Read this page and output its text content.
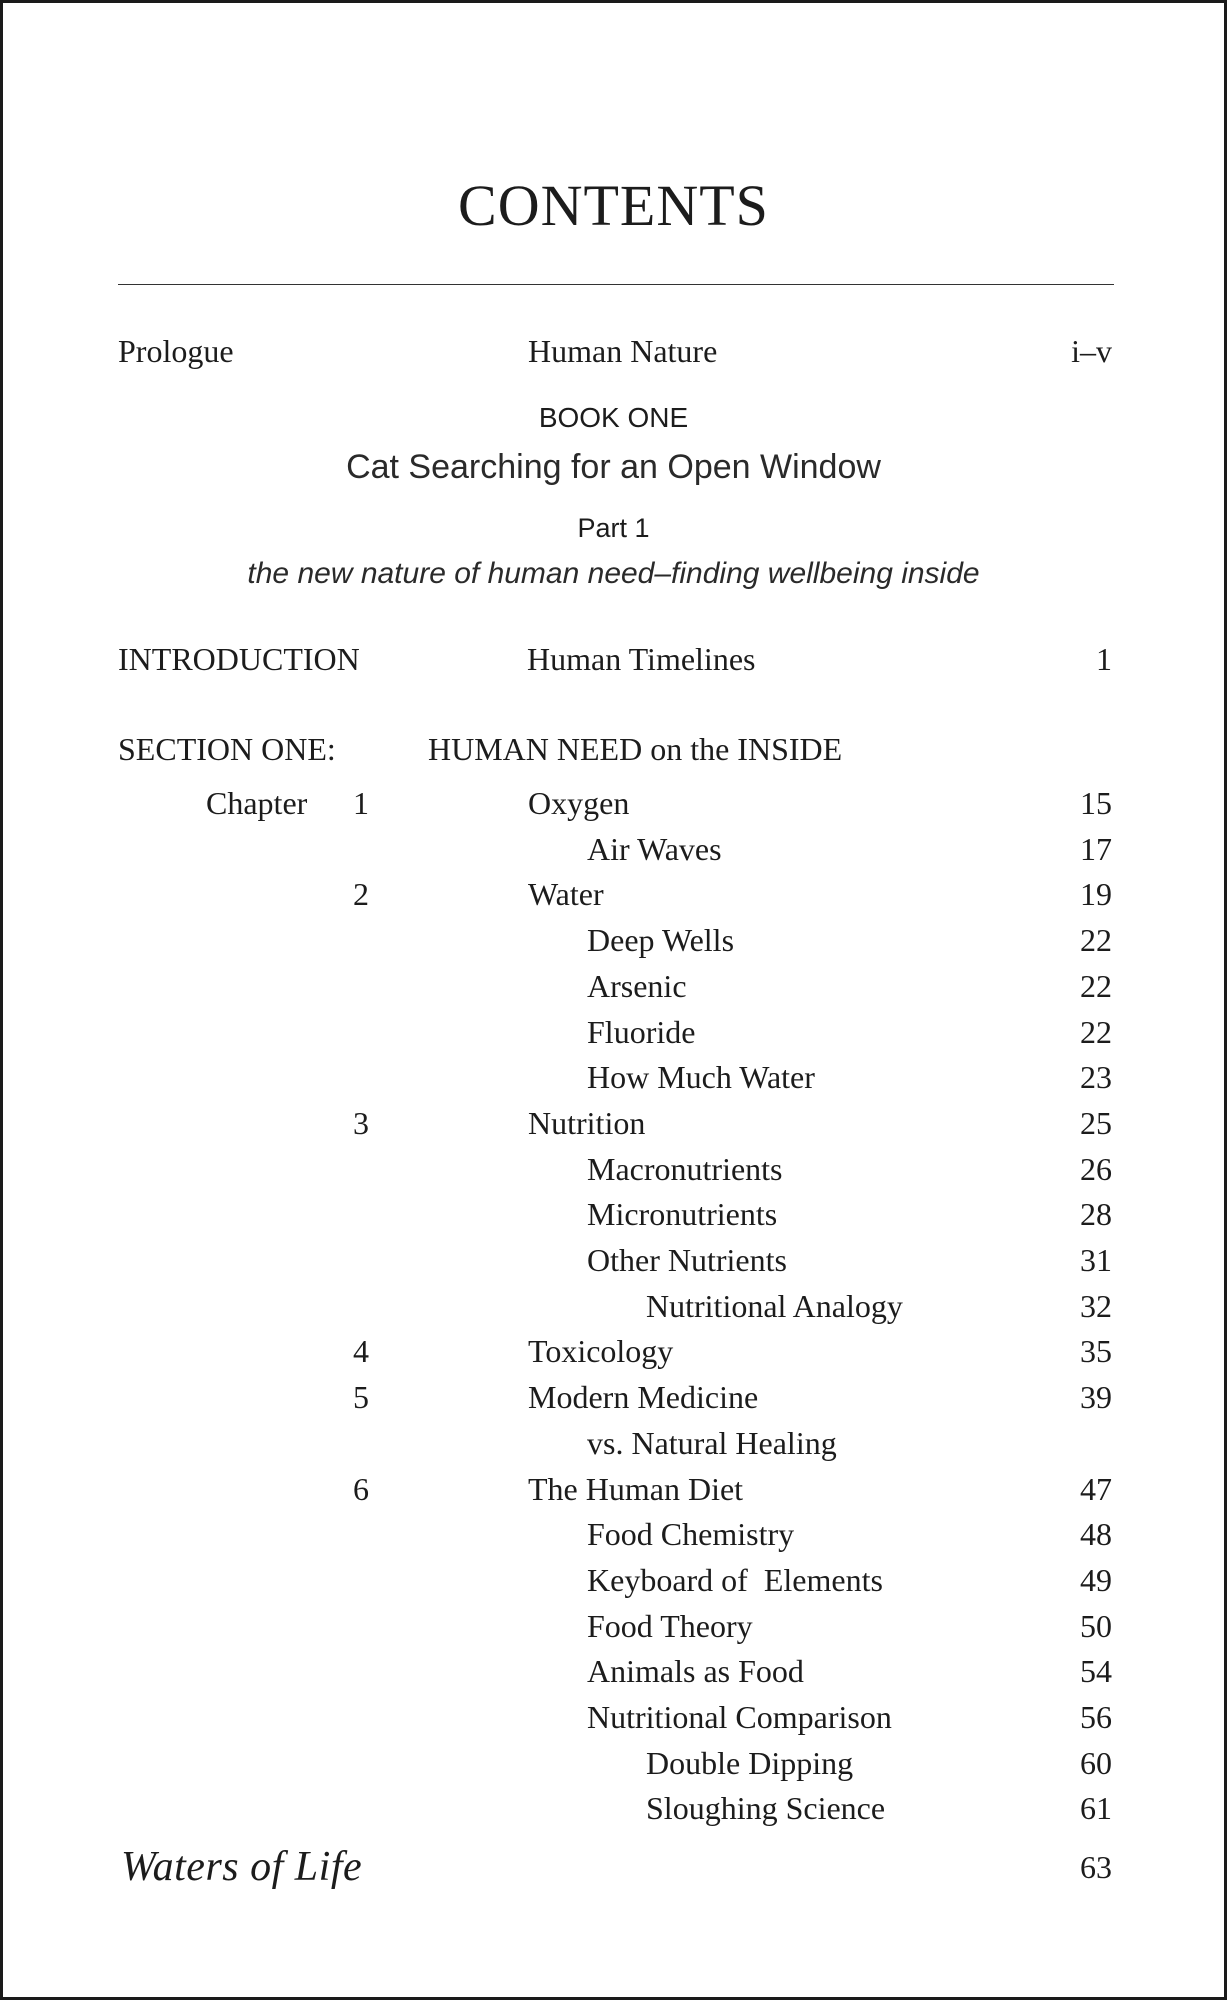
CONTENTS
Prologue	Human Nature	i–v
BOOK ONE
Cat Searching for an Open Window
Part 1
the new nature of human need–finding wellbeing inside
INTRODUCTION	Human Timelines	1
SECTION ONE:	HUMAN NEED on the INSIDE
Chapter 1	Oxygen	15
Air Waves	17
2	Water	19
Deep Wells	22
Arsenic	22
Fluoride	22
How Much Water	23
3	Nutrition	25
Macronutrients	26
Micronutrients	28
Other Nutrients	31
Nutritional Analogy	32
4	Toxicology	35
5	Modern Medicine	39
vs. Natural Healing
6	The Human Diet	47
Food Chemistry	48
Keyboard of  Elements	49
Food Theory	50
Animals as Food	54
Nutritional Comparison	56
Double Dipping	60
Sloughing Science	61
Waters of Life	63
